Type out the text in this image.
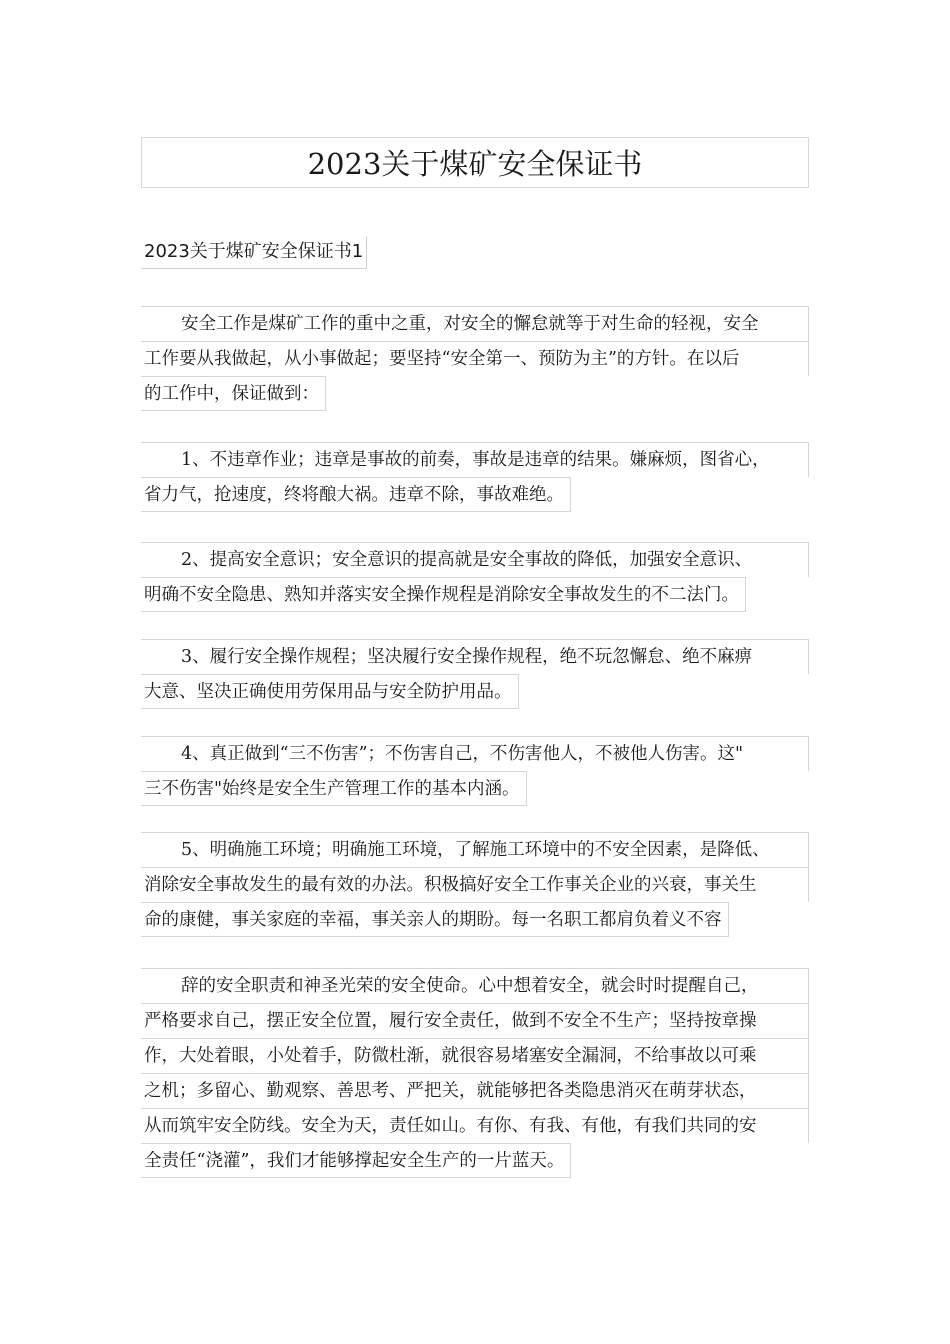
2023关于煤矿安全保证书
2023关于煤矿安全保证书1
安全工作是煤矿工作的重中之重，对安全的懈怠就等于对生命的轻视，安全
工作要从我做起，从小事做起；要坚持“安全第一、预防为主”的方针。在以后
的工作中，保证做到：
1、不违章作业；违章是事故的前奏，事故是违章的结果。嫌麻烦，图省心，
省力气，抢速度，终将酿大祸。违章不除，事故难绝。
2、提高安全意识；安全意识的提高就是安全事故的降低，加强安全意识、
明确不安全隐患、熟知并落实安全操作规程是消除安全事故发生的不二法门。
3、履行安全操作规程；坚决履行安全操作规程，绝不玩忽懈怠、绝不麻痹
大意、坚决正确使用劳保用品与安全防护用品。
4、真正做到“三不伤害”；不伤害自己，不伤害他人，不被他人伤害。这"
三不伤害"始终是安全生产管理工作的基本内涵。
5、明确施工环境；明确施工环境，了解施工环境中的不安全因素，是降低、
消除安全事故发生的最有效的办法。积极搞好安全工作事关企业的兴衰，事关生
命的康健，事关家庭的幸福，事关亲人的期盼。每一名职工都肩负着义不容
辞的安全职责和神圣光荣的安全使命。心中想着安全，就会时时提醒自己，
严格要求自己，摆正安全位置，履行安全责任，做到不安全不生产；坚持按章操
作，大处着眼，小处着手，防微杜渐，就很容易堵塞安全漏洞，不给事故以可乘
之机；多留心、勤观察、善思考、严把关，就能够把各类隐患消灭在萌芽状态，
从而筑牢安全防线。安全为天，责任如山。有你、有我、有他，有我们共同的安
全责任“浇灌”，我们才能够撑起安全生产的一片蓝天。
